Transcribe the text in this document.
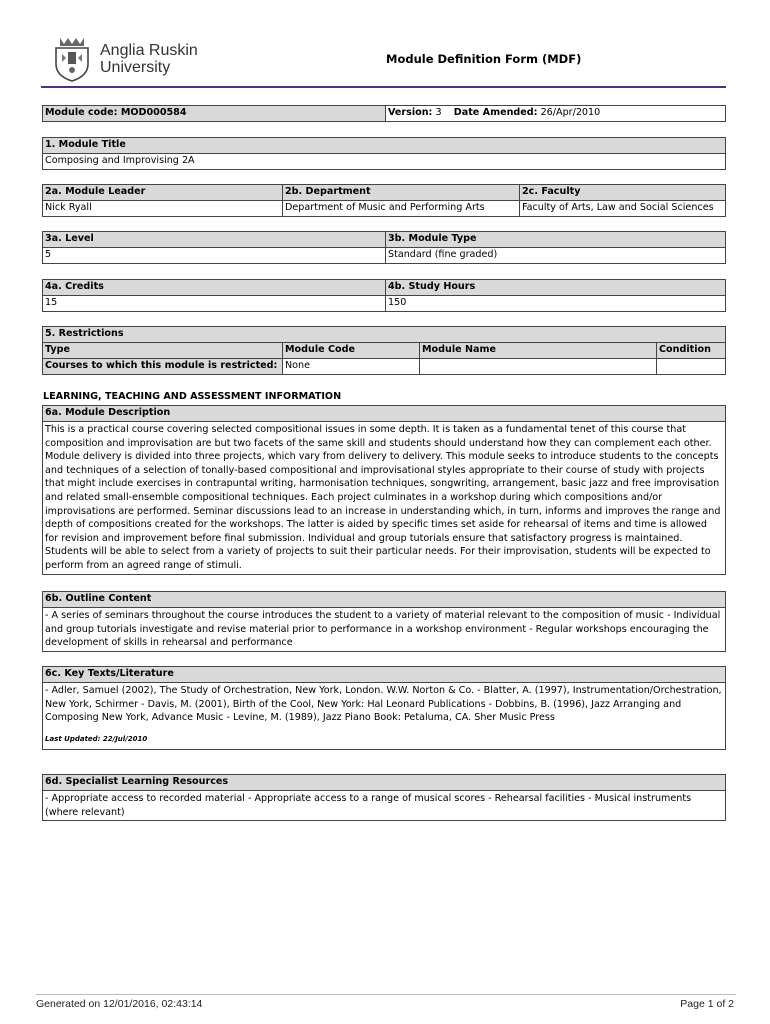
Anglia Ruskin
University	Module Definition Form (MDF)
Module code: MOD000584	Version: 3 Date Amended: 26/Apr/2010
1. Module Title
Composing and Improvising 2A
2a. Module Leader	2b. Department	2c. Faculty
Nick Ryall	Department of Music and Performing Arts	Faculty of Arts, Law and Social Sciences
3a. Level	3b. Module Type
5	Standard (fine graded)
4a. Credits	4b. Study Hours
15	150
5. Restrictions			
Type	Module Code	Module Name	Condition
Courses to which this module is restricted:	None		
LEARNING, TEACHING AND ASSESSMENT INFORMATION
6a. Module Description
This is a practical course covering selected compositional issues in some depth. It is taken as a fundamental tenet of this course that composition and improvisation are but two facets of the same skill and students should understand how they can complement each other. Module delivery is divided into three projects, which vary from delivery to delivery. This module seeks to introduce students to the concepts and techniques of a selection of tonally-based compositional and improvisational styles appropriate to their course of study with projects that might include exercises in contrapuntal writing, harmonisation techniques, songwriting, arrangement, basic jazz and free improvisation and related small-ensemble compositional techniques. Each project culminates in a workshop during which compositions and/or improvisations are performed. Seminar discussions lead to an increase in understanding which, in turn, informs and improves the range and depth of compositions created for the workshops. The latter is aided by specific times set aside for rehearsal of items and time is allowed for revision and improvement before final submission. Individual and group tutorials ensure that satisfactory progress is maintained. Students will be able to select from a variety of projects to suit their particular needs. For their improvisation, students will be expected to perform from an agreed range of stimuli.
6b. Outline Content
- A series of seminars throughout the course introduces the student to a variety of material relevant to the composition of music - Individual and group tutorials investigate and revise material prior to performance in a workshop environment - Regular workshops encouraging the development of skills in rehearsal and performance
6c. Key Texts/Literature
- Adler, Samuel (2002), The Study of Orchestration, New York, London. W.W. Norton & Co. - Blatter, A. (1997), Instrumentation/Orchestration, New York, Schirmer - Davis, M. (2001), Birth of the Cool, New York: Hal Leonard Publications - Dobbins, B. (1996), Jazz Arranging and Composing New York, Advance Music - Levine, M. (1989), Jazz Piano Book: Petaluma, CA. Sher Music Press
Last Updated: 22/Jul/2010
6d. Specialist Learning Resources
- Appropriate access to recorded material - Appropriate access to a range of musical scores - Rehearsal facilities - Musical instruments (where relevant)
Generated on 12/01/2016, 02:43:14	Page 1 of 2
